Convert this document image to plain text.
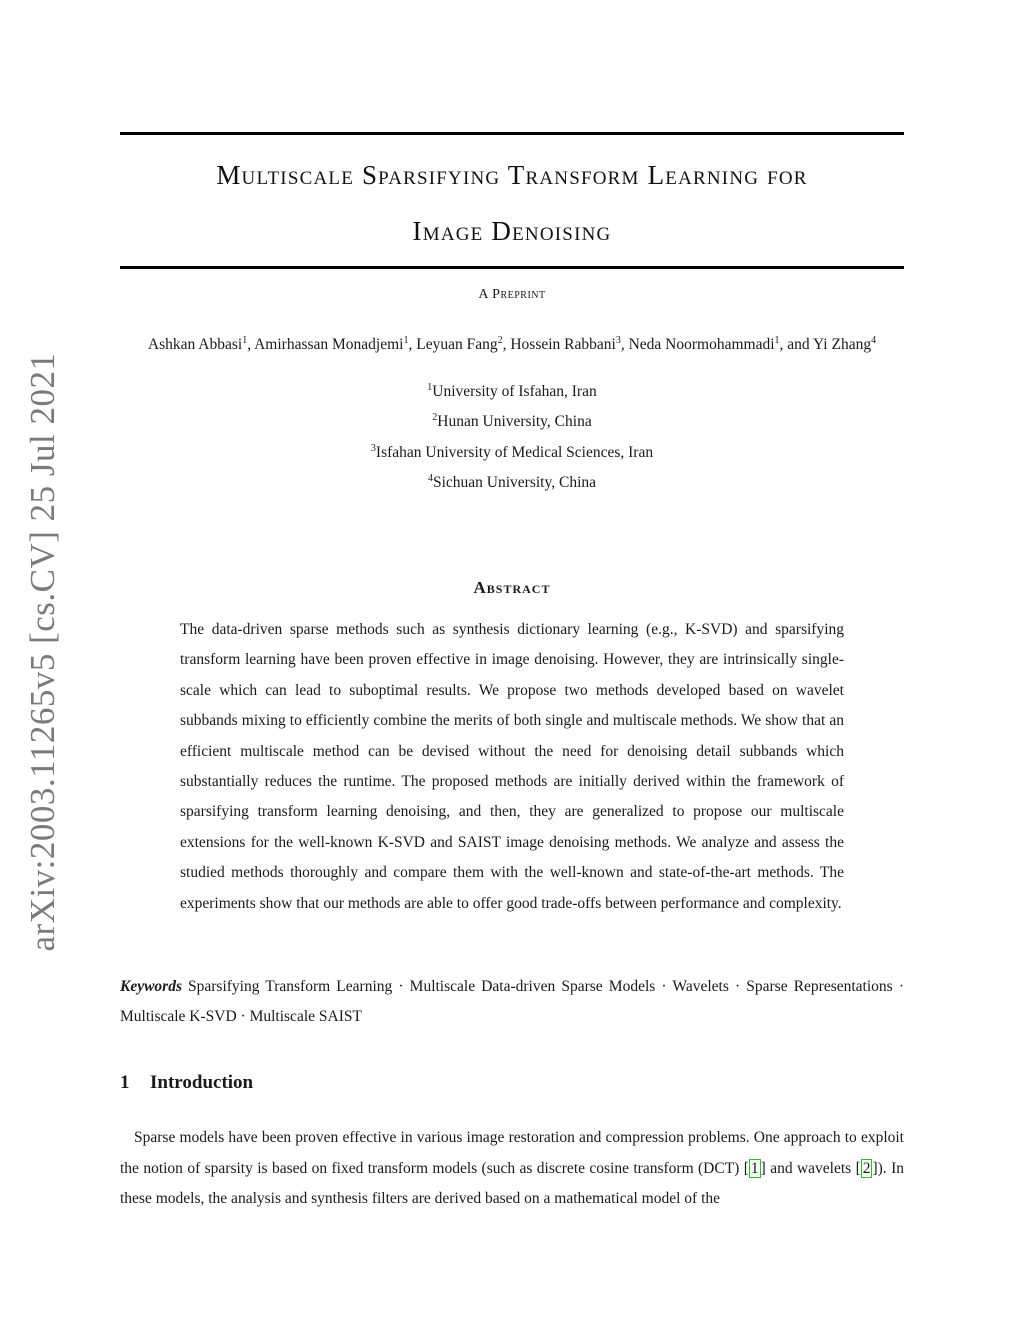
arXiv:2003.11265v5 [cs.CV] 25 Jul 2021
Multiscale Sparsifying Transform Learning for
Image Denoising
A Preprint
Ashkan Abbasi$^1$, Amirhassan Monadjemi$^1$, Leyuan Fang$^2$, Hossein Rabbani$^3$, Neda Noormohammadi$^1$, and Yi Zhang$^4$
$^1$University of Isfahan, Iran
$^2$Hunan University, China
$^3$Isfahan University of Medical Sciences, Iran
$^4$Sichuan University, China
Abstract

The data-driven sparse methods such as synthesis dictionary learning (e.g., K-SVD) and sparsifying transform learning have been proven effective in image denoising. However, they are intrinsically single-scale which can lead to suboptimal results. We propose two methods developed based on wavelet subbands mixing to efficiently combine the merits of both single and multiscale methods. We show that an efficient multiscale method can be devised without the need for denoising detail subbands which substantially reduces the runtime. The proposed methods are initially derived within the framework of sparsifying transform learning denoising, and then, they are generalized to propose our multiscale extensions for the well-known K-SVD and SAIST image denoising methods. We analyze and assess the studied methods thoroughly and compare them with the well-known and state-of-the-art methods. The experiments show that our methods are able to offer good trade-offs between performance and complexity.

Keywords Sparsifying Transform Learning · Multiscale Data-driven Sparse Models · Wavelets · Sparse Representations · Multiscale K-SVD · Multiscale SAIST

1 Introduction

Sparse models have been proven effective in various image restoration and compression problems. One approach to exploit the notion of sparsity is based on fixed transform models (such as discrete cosine transform (DCT) [ 1 ] and wavelets [ 2 ]). In these models, the analysis and synthesis filters are derived based on a mathematical model of the
